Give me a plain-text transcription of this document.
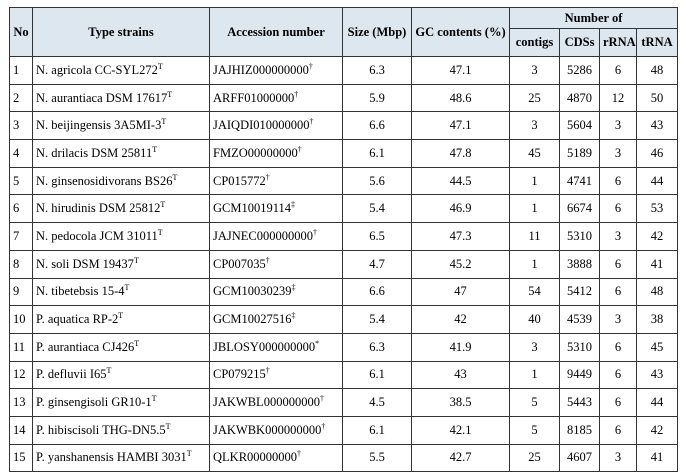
No	Type strains	Accession number	Size (Mbp)	GC contents (%)	Number of			
					contigs	CDSs	rRNA	tRNA
1	N. agricola $CC-SYL272^T$	JAJHIZ000000000†	6.3	47.1	3	5286	6	48
2	N. aurantiaca DSM $17617^T$	ARFF01000000†	5.9	48.6	25	4870	12	50
3	N. beijingensis $3A5MI-3^T$	JAIQDI010000000†	6.6	47.1	3	5604	3	43
4	N. drilacis DSM $25811^T$	FMZO00000000†	6.1	47.8	45	5189	3	46
5	N. ginsenosidivorans $BS26^T$	CP015772†	5.6	44.5	1	4741	6	44
6	N. hirudinis DSM $25812^T$	GCM10019114‡	5.4	46.9	1	6674	6	53
7	N. pedocola JCM $31011^T$	JAJNEC000000000†	6.5	47.3	11	5310	3	42
8	N. soli DSM $19437^T$	CP007035†	4.7	45.2	1	3888	6	41
9	N. tibetebsis $15-4^T$	GCM10030239‡	6.6	47	54	5412	6	48
10	P. aquatica $RP-2^T$	GCM10027516‡	5.4	42	40	4539	3	38
11	P. aurantiaca $CJ426^T$	JBLOSY000000000*	6.3	41.9	3	5310	6	45
12	P. defluvii $I65^T$	CP079215†	6.1	43	1	9449	6	43
13	P. ginsengisoli $GR10-1^T$	JAKWBL000000000†	4.5	38.5	5	5443	6	44
14	P. hibiscisoli THG-$DN5.5^T$	JAKWBK000000000†	6.1	42.1	5	8185	6	42
15	P. yanshanensis HAMBI $3031^T$	QLKR00000000†	5.5	42.7	25	4607	3	41
